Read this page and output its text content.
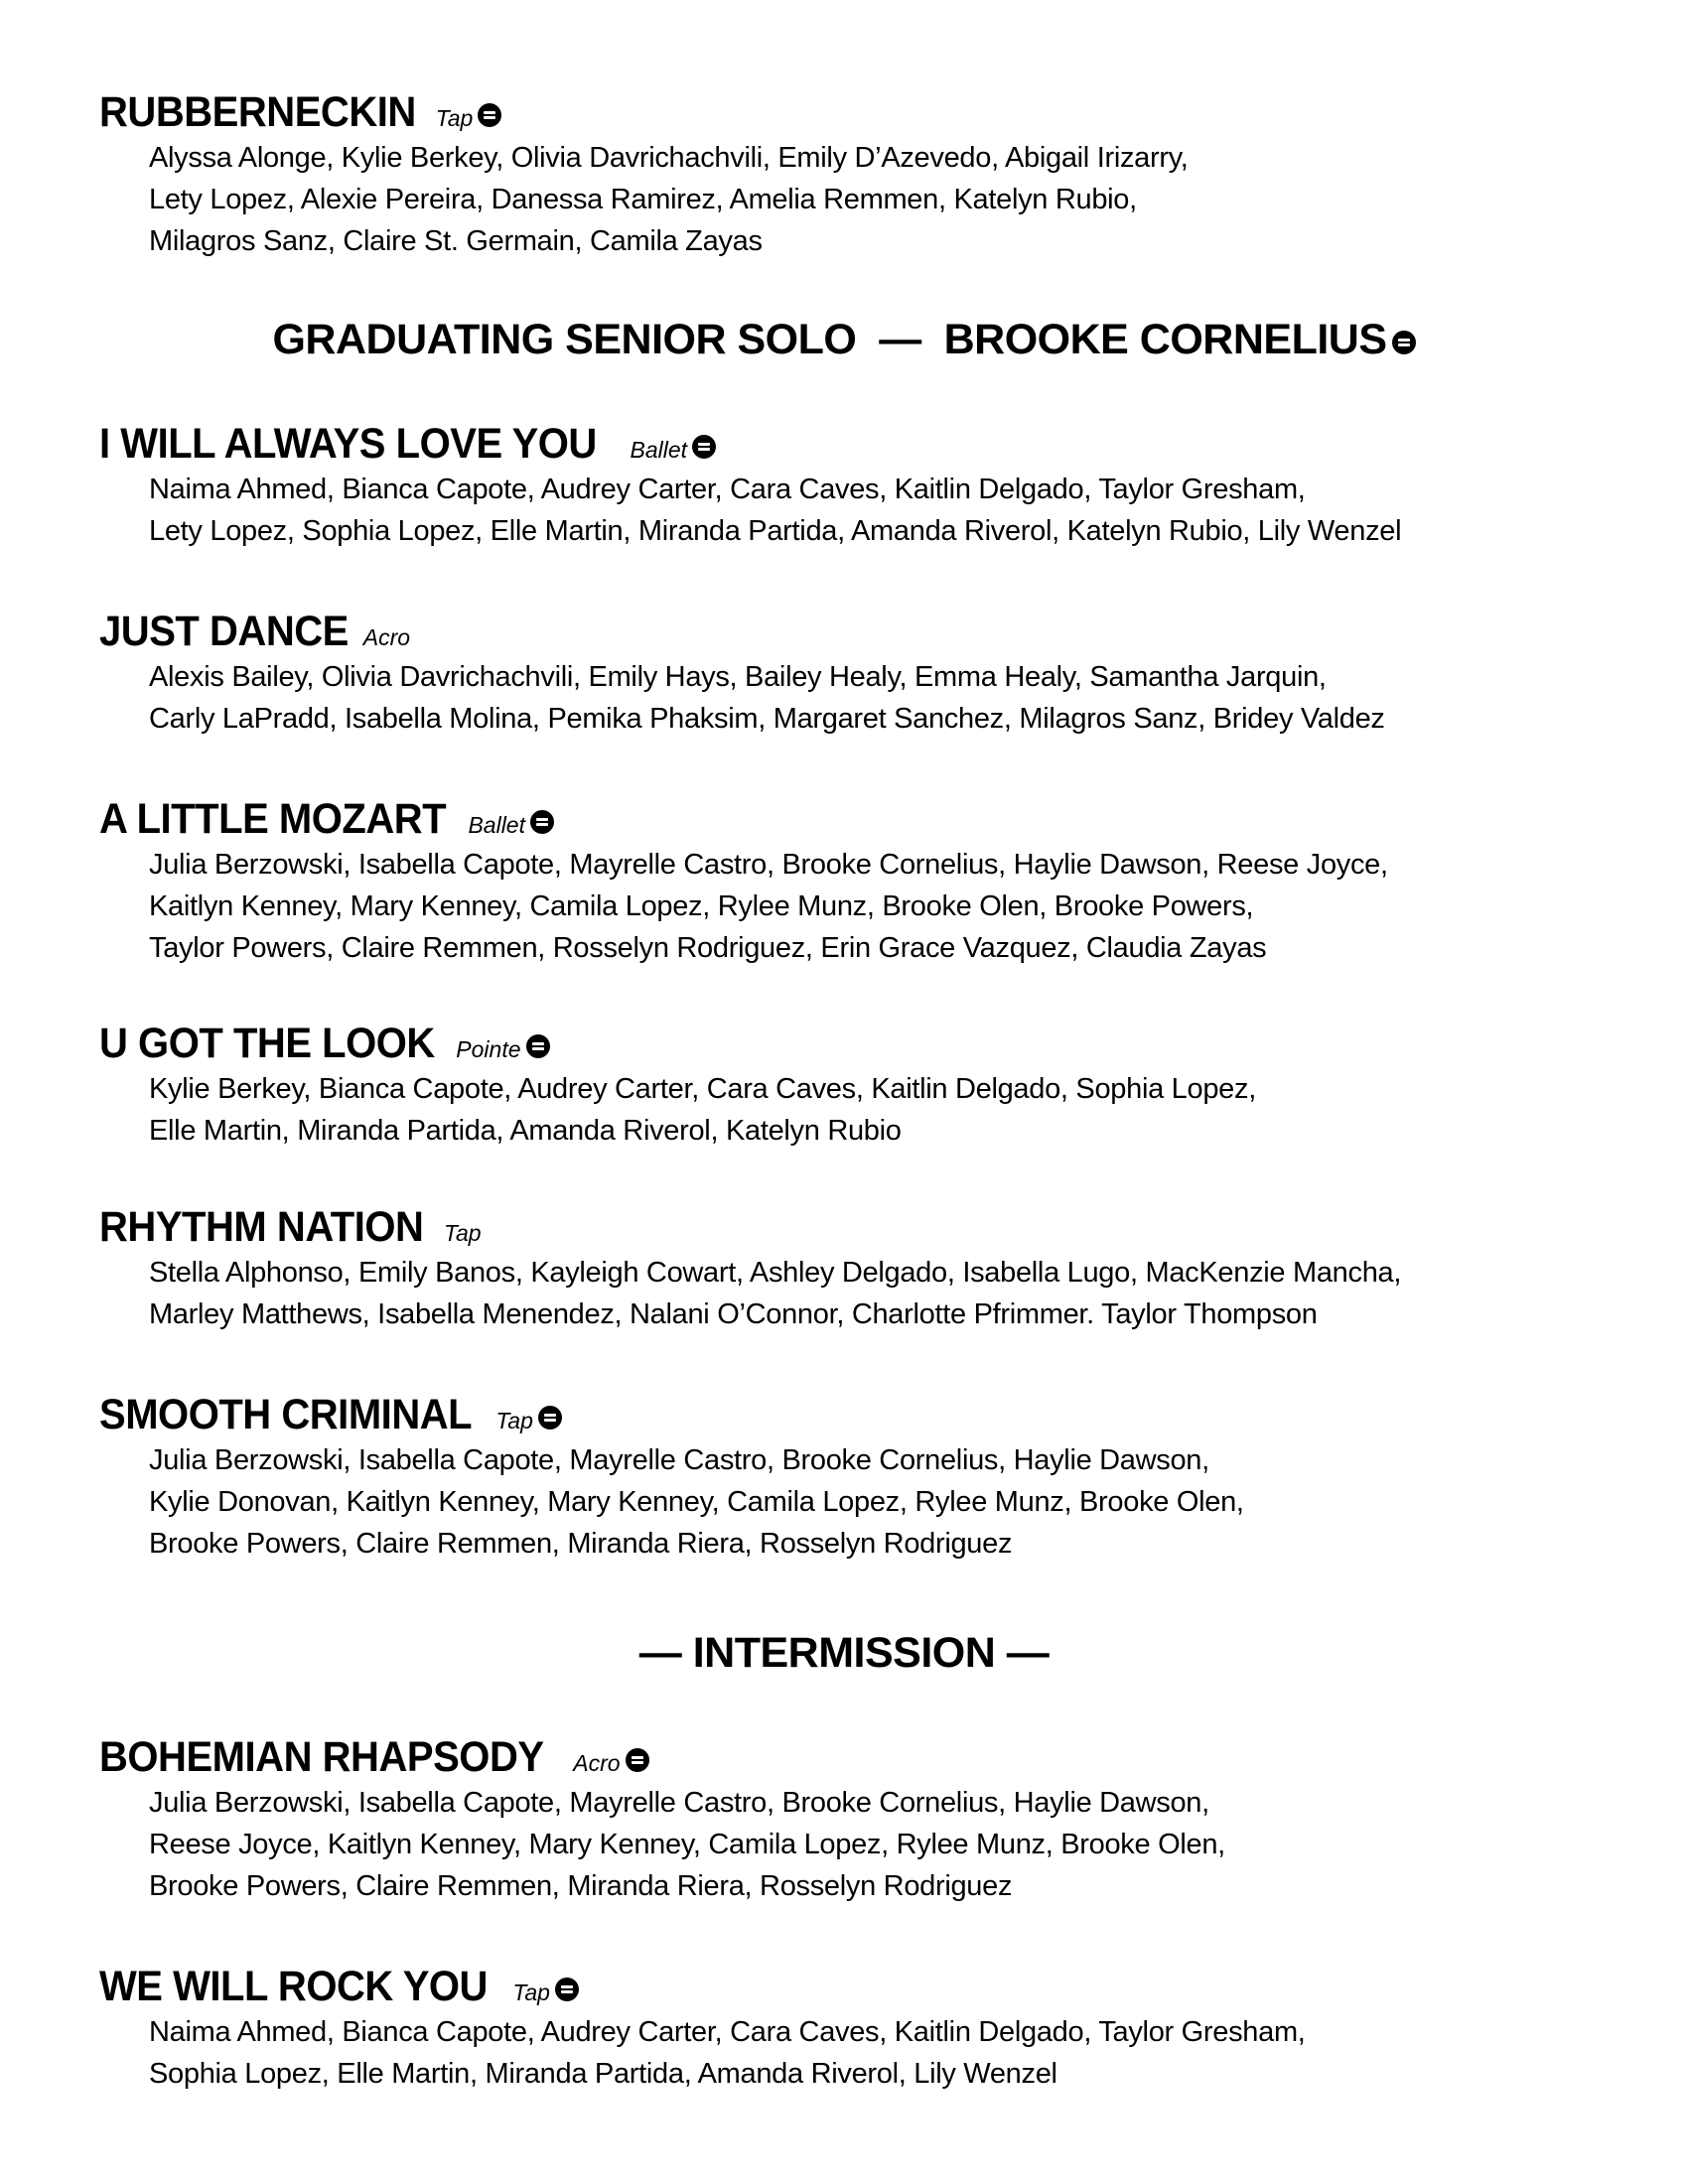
RUBBERNECKIN Tap
Alyssa Alonge, Kylie Berkey, Olivia Davrichachvili, Emily D’Azevedo, Abigail Irizarry,
Lety Lopez, Alexie Pereira, Danessa Ramirez, Amelia Remmen, Katelyn Rubio,
Milagros Sanz, Claire St. Germain, Camila Zayas
GRADUATING SENIOR SOLO  —  BROOKE CORNELIUS
I WILL ALWAYS LOVE YOU Ballet
Naima Ahmed, Bianca Capote, Audrey Carter, Cara Caves, Kaitlin Delgado, Taylor Gresham,
Lety Lopez, Sophia Lopez, Elle Martin, Miranda Partida, Amanda Riverol, Katelyn Rubio, Lily Wenzel
JUST DANCE Acro
Alexis Bailey, Olivia Davrichachvili, Emily Hays, Bailey Healy, Emma Healy, Samantha Jarquin,
Carly LaPradd, Isabella Molina, Pemika Phaksim, Margaret Sanchez, Milagros Sanz, Bridey Valdez
A LITTLE MOZART Ballet
Julia Berzowski, Isabella Capote, Mayrelle Castro, Brooke Cornelius, Haylie Dawson, Reese Joyce,
Kaitlyn Kenney, Mary Kenney, Camila Lopez, Rylee Munz, Brooke Olen, Brooke Powers,
Taylor Powers, Claire Remmen, Rosselyn Rodriguez, Erin Grace Vazquez, Claudia Zayas
U GOT THE LOOK Pointe
Kylie Berkey, Bianca Capote, Audrey Carter, Cara Caves, Kaitlin Delgado, Sophia Lopez,
Elle Martin, Miranda Partida, Amanda Riverol, Katelyn Rubio
RHYTHM NATION Tap
Stella Alphonso, Emily Banos, Kayleigh Cowart, Ashley Delgado, Isabella Lugo, MacKenzie Mancha,
Marley Matthews, Isabella Menendez, Nalani O’Connor, Charlotte Pfrimmer. Taylor Thompson
SMOOTH CRIMINAL Tap
Julia Berzowski, Isabella Capote, Mayrelle Castro, Brooke Cornelius, Haylie Dawson,
Kylie Donovan, Kaitlyn Kenney, Mary Kenney, Camila Lopez, Rylee Munz, Brooke Olen,
Brooke Powers, Claire Remmen, Miranda Riera, Rosselyn Rodriguez
— INTERMISSION —
BOHEMIAN RHAPSODY Acro
Julia Berzowski, Isabella Capote, Mayrelle Castro, Brooke Cornelius, Haylie Dawson,
Reese Joyce, Kaitlyn Kenney, Mary Kenney, Camila Lopez, Rylee Munz, Brooke Olen,
Brooke Powers, Claire Remmen, Miranda Riera, Rosselyn Rodriguez
WE WILL ROCK YOU Tap
Naima Ahmed, Bianca Capote, Audrey Carter, Cara Caves, Kaitlin Delgado, Taylor Gresham,
Sophia Lopez, Elle Martin, Miranda Partida, Amanda Riverol, Lily Wenzel
